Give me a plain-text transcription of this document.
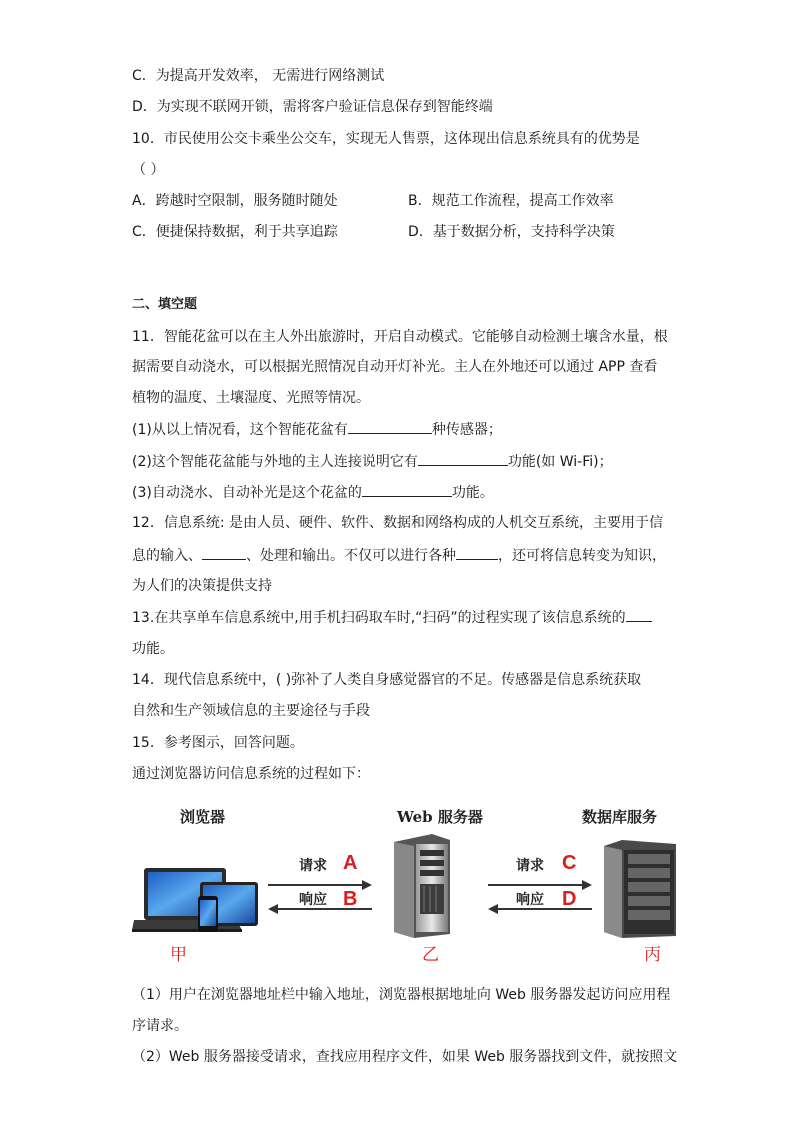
C．为提高开发效率， 无需进行网络测试
D．为实现不联网开锁，需将客户验证信息保存到智能终端
10．市民使用公交卡乘坐公交车，实现无人售票，这体现出信息系统具有的优势是
（ ）
A．跨越时空限制，服务随时随处	B．规范工作流程，提高工作效率
C．便捷保持数据，利于共享追踪	D．基于数据分析，支持科学决策
二、填空题
11．智能花盆可以在主人外出旅游时，开启自动模式。它能够自动检测土壤含水量，根
据需要自动浇水，可以根据光照情况自动开灯补光。主人在外地还可以通过 APP 查看
植物的温度、土壤湿度、光照等情况。
(1)从以上情况看，这个智能花盆有	种传感器；
(2)这个智能花盆能与外地的主人连接说明它有	功能(如 Wi-Fi)；
(3)自动浇水、自动补光是这个花盆的	功能。
12．信息系统: 是由人员、硬件、软件、数据和网络构成的人机交互系统，主要用于信
息的输入、	、处理和输出。不仅可以进行各种	，还可将信息转变为知识，
为人们的决策提供支持
13.在共享单车信息系统中,用手机扫码取车时,“扫码”的过程实现了该信息系统的
功能。
14．现代信息系统中，( )弥补了人类自身感觉器官的不足。传感器是信息系统获取
自然和生产领域信息的主要途径与手段
15．参考图示，回答问题。
通过浏览器访问信息系统的过程如下：
浏览器	Web 服务器	数据库服务
请求 A
响应 B
请求 C
响应 D
甲	乙	丙
（1）用户在浏览器地址栏中输入地址，浏览器根据地址向 Web 服务器发起访问应用程
序请求。
（2）Web 服务器接受请求，查找应用程序文件，如果 Web 服务器找到文件，就按照文
